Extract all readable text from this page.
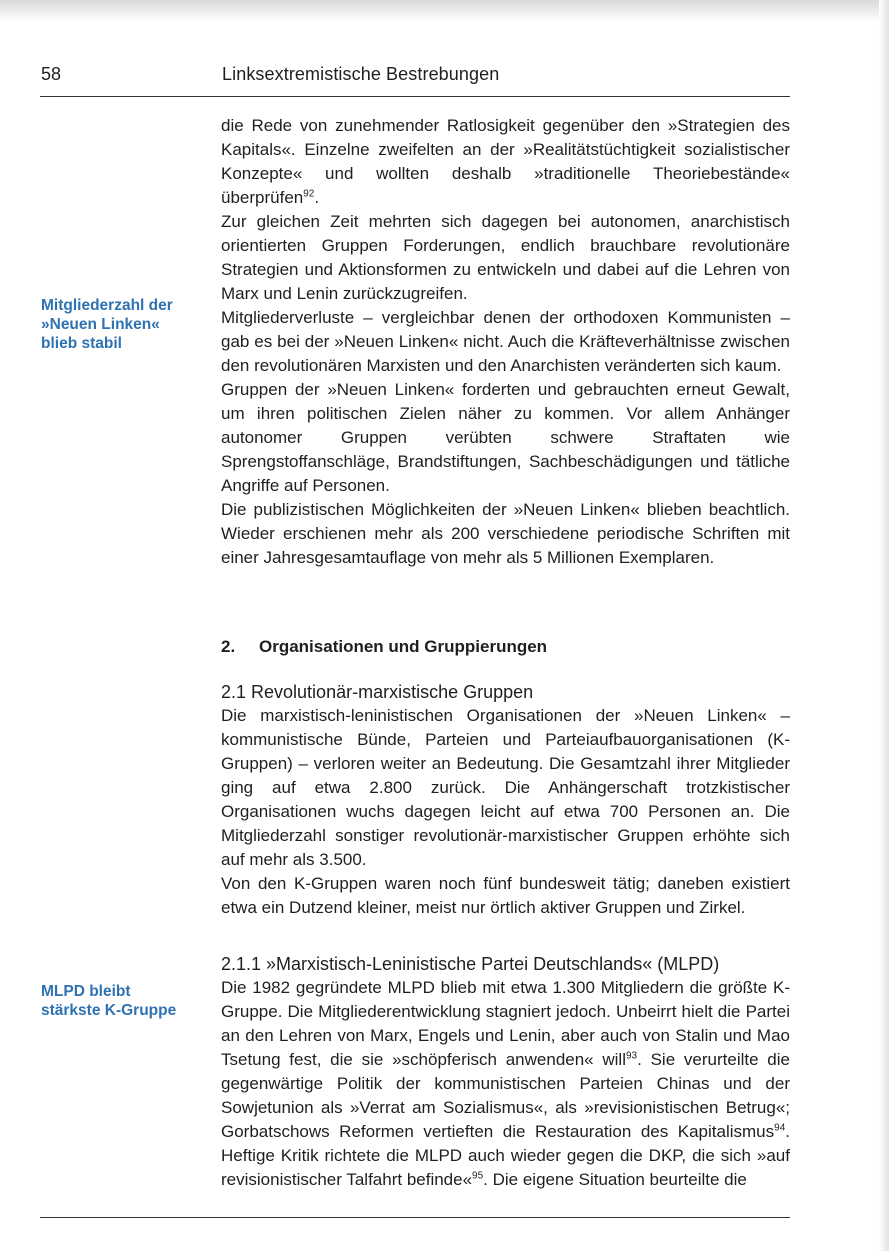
58	Linksextremistische Bestrebungen
Mitgliederzahl der
»Neuen Linken«
blieb stabil
MLPD bleibt
stärkste K-Gruppe

die Rede von zunehmender Ratlosigkeit gegenüber den »Strategien des Kapitals«. Einzelne zweifelten an der »Realitätstüchtigkeit sozialistischer Konzepte« und wollten deshalb »traditionelle Theoriebestände« überprüfen$^{92}$.

Zur gleichen Zeit mehrten sich dagegen bei autonomen, anarchistisch orientierten Gruppen Forderungen, endlich brauchbare revolutionäre Strategien und Aktionsformen zu entwickeln und dabei auf die Lehren von Marx und Lenin zurückzugreifen.

Mitgliederverluste – vergleichbar denen der orthodoxen Kommunisten – gab es bei der »Neuen Linken« nicht. Auch die Kräfteverhältnisse zwischen den revolutionären Marxisten und den Anarchisten veränderten sich kaum.

Gruppen der »Neuen Linken« forderten und gebrauchten erneut Gewalt, um ihren politischen Zielen näher zu kommen. Vor allem Anhänger autonomer Gruppen verübten schwere Straftaten wie Sprengstoffanschläge, Brandstiftungen, Sachbeschädigungen und tätliche Angriffe auf Personen.

Die publizistischen Möglichkeiten der »Neuen Linken« blieben beachtlich. Wieder erschienen mehr als 200 verschiedene periodische Schriften mit einer Jahresgesamtauflage von mehr als 5 Millionen Exemplaren.

2. Organisationen und Gruppierungen
2.1 Revolutionär-marxistische Gruppen

Die marxistisch-leninistischen Organisationen der »Neuen Linken« – kommunistische Bünde, Parteien und Parteiaufbauorganisationen (K-Gruppen) – verloren weiter an Bedeutung. Die Gesamtzahl ihrer Mitglieder ging auf etwa 2.800 zurück. Die Anhängerschaft trotzkistischer Organisationen wuchs dagegen leicht auf etwa 700 Personen an. Die Mitgliederzahl sonstiger revolutionär-marxistischer Gruppen erhöhte sich auf mehr als 3.500.

Von den K-Gruppen waren noch fünf bundesweit tätig; daneben existiert etwa ein Dutzend kleiner, meist nur örtlich aktiver Gruppen und Zirkel.

2.1.1 »Marxistisch-Leninistische Partei Deutschlands« (MLPD)

Die 1982 gegründete MLPD blieb mit etwa 1.300 Mitgliedern die größte K-Gruppe. Die Mitgliederentwicklung stagniert jedoch. Unbeirrt hielt die Partei an den Lehren von Marx, Engels und Lenin, aber auch von Stalin und Mao Tsetung fest, die sie »schöpferisch anwenden« will$^{93}$. Sie verurteilte die gegenwärtige Politik der kommunistischen Parteien Chinas und der Sowjetunion als »Verrat am Sozialismus«, als »revisionistischen Betrug«; Gorbatschows Reformen vertieften die Restauration des Kapitalismus$^{94}$. Heftige Kritik richtete die MLPD auch wieder gegen die DKP, die sich »auf revisionistischer Talfahrt befinde«$^{95}$. Die eigene Situation beurteilte die
